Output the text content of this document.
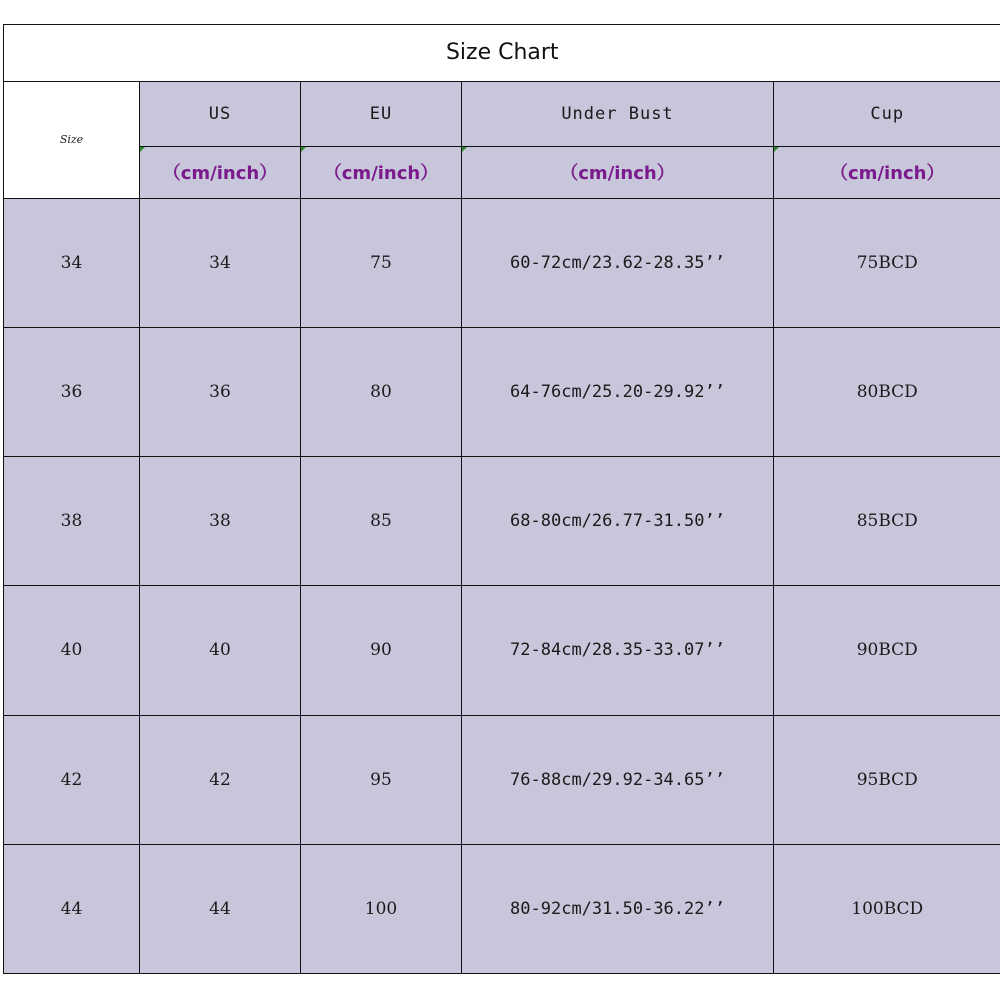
Size Chart				
Size	US	EU	Under Bust	Cup
	（cm/inch）	（cm/inch）	（cm/inch）	（cm/inch）
34	34	75	60-72cm/23.62-28.35’’	75BCD
36	36	80	64-76cm/25.20-29.92’’	80BCD
38	38	85	68-80cm/26.77-31.50’’	85BCD
40	40	90	72-84cm/28.35-33.07’’	90BCD
42	42	95	76-88cm/29.92-34.65’’	95BCD
44	44	100	80-92cm/31.50-36.22’’	100BCD
